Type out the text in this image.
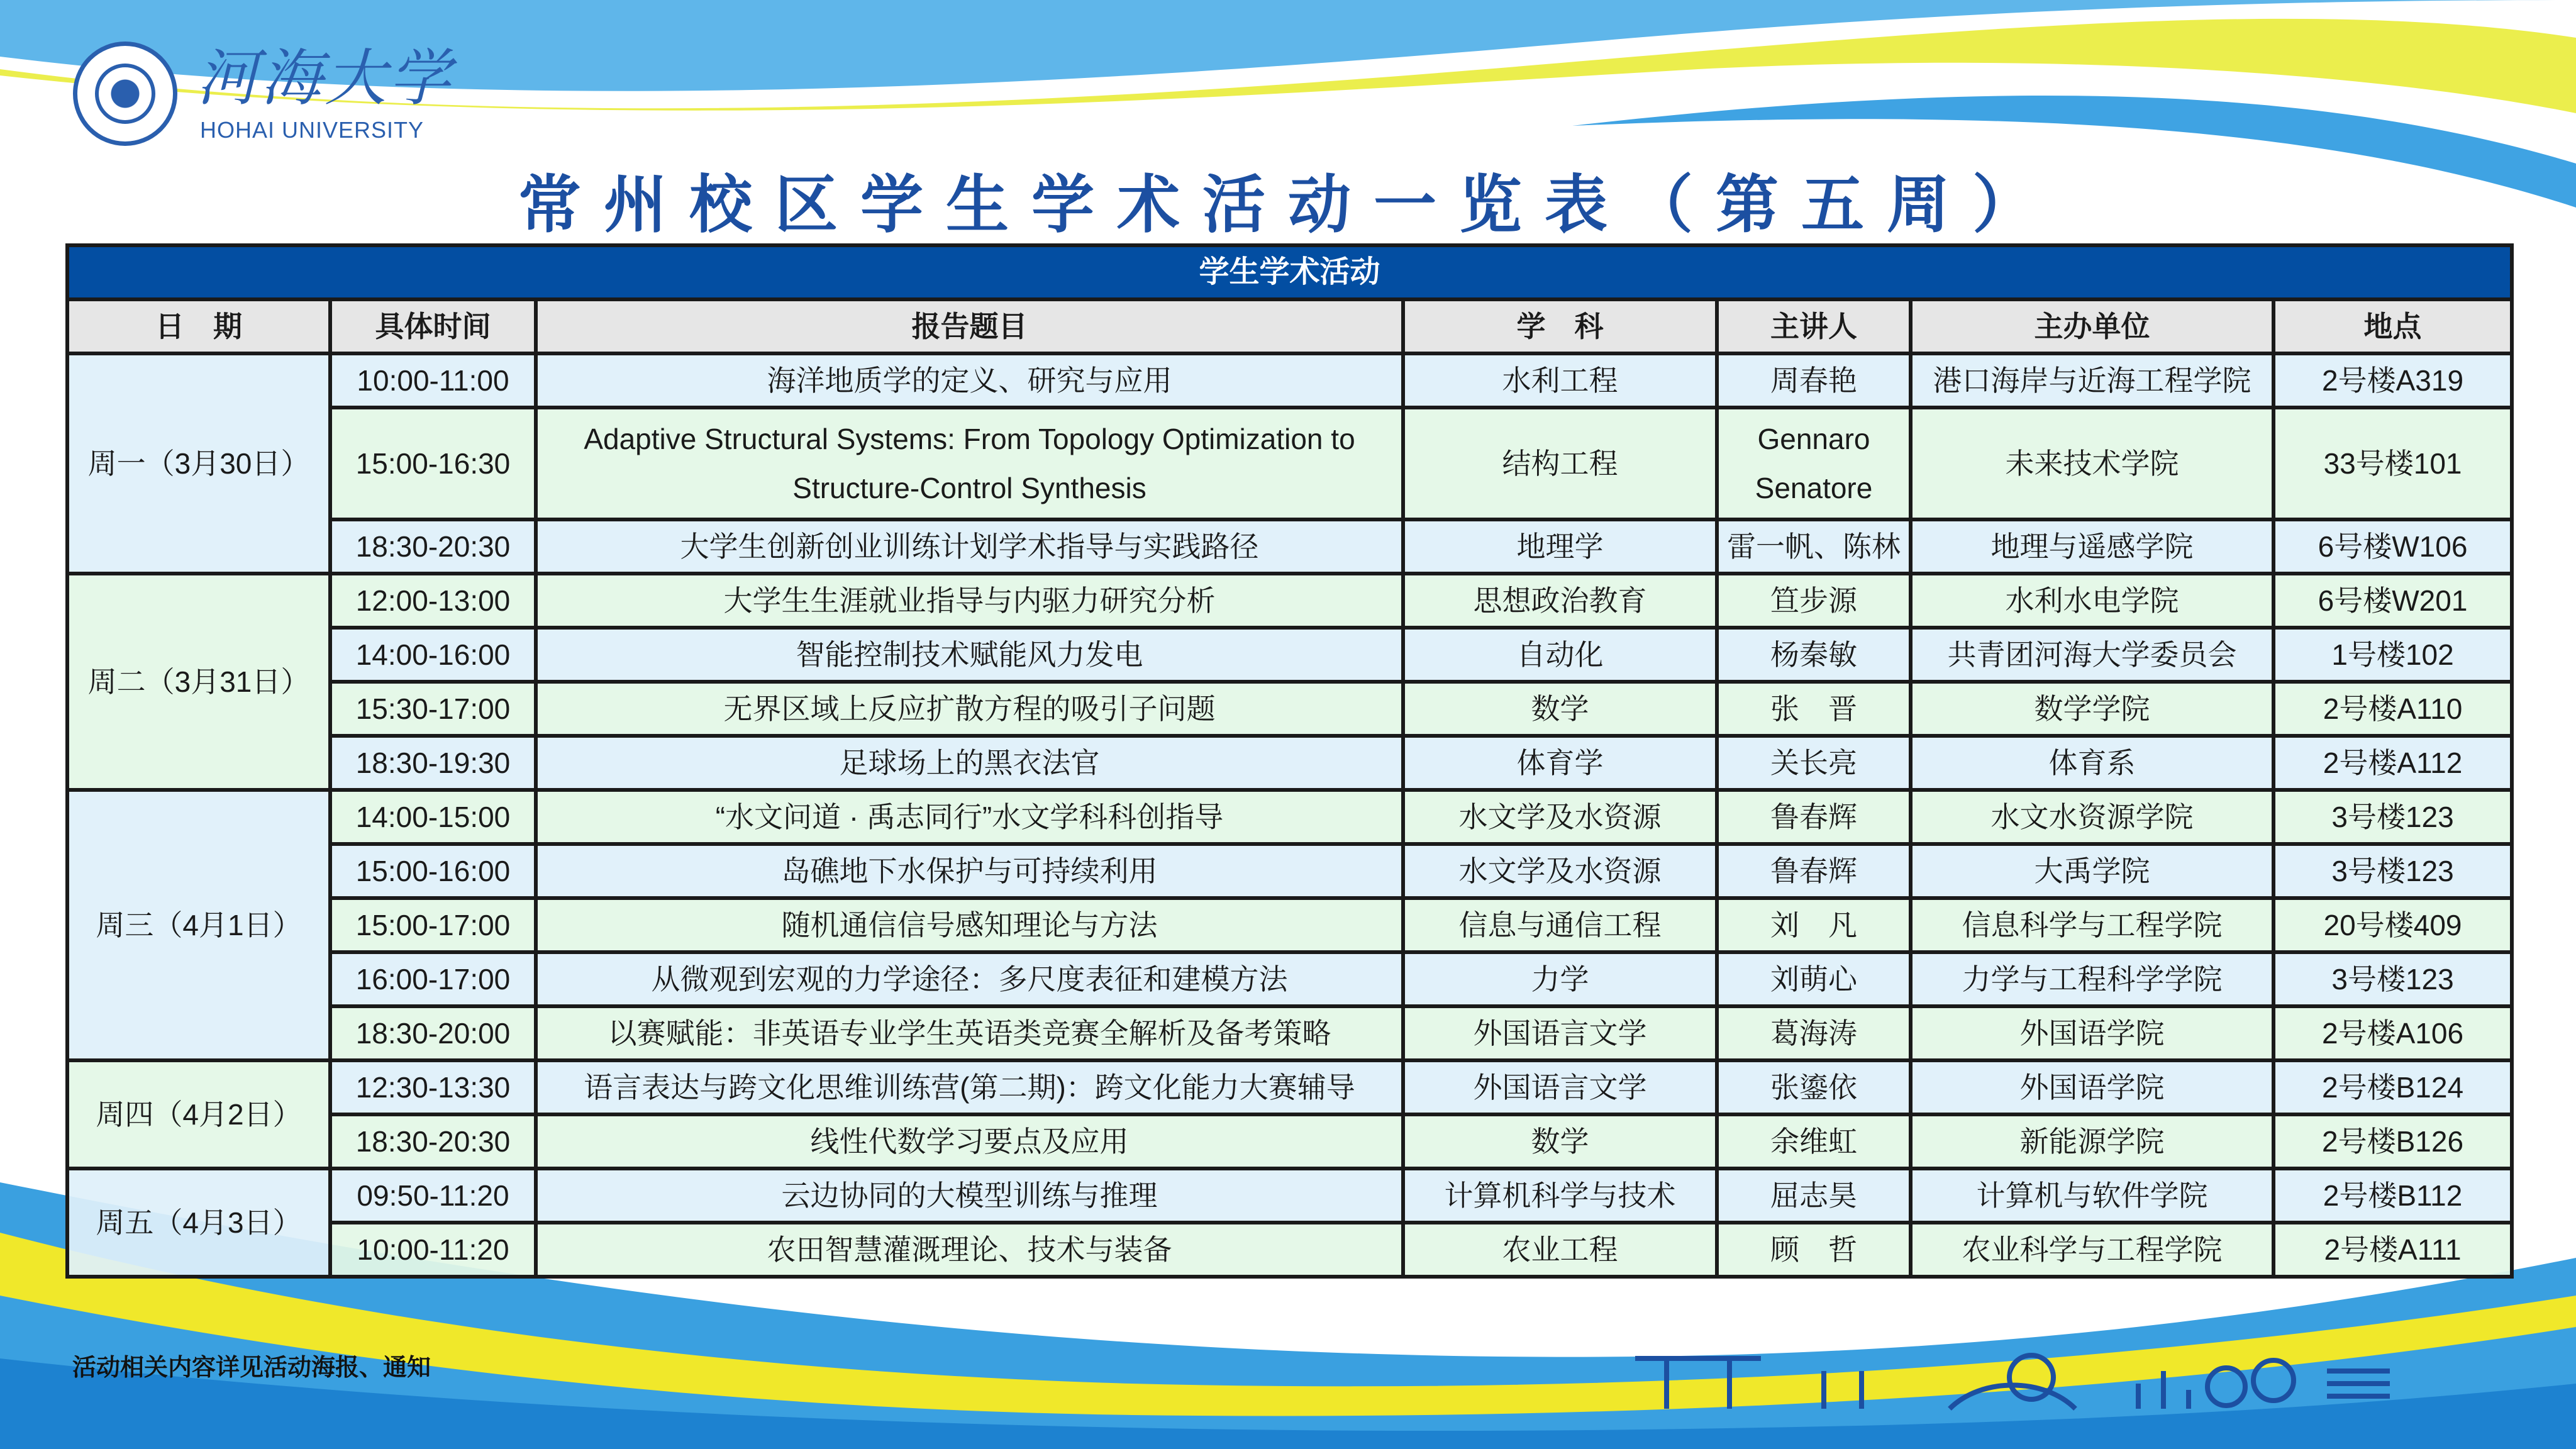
河海大学
HOHAI UNIVERSITY
常州校区学生学术活动一览表（第五周）
学生学术活动						
日　期	具体时间	报告题目	学　科	主讲人	主办单位	地点
周一（3月30日）	10:00-11:00	海洋地质学的定义、研究与应用	水利工程	周春艳	港口海岸与近海工程学院	2号楼A319
	15:00-16:30	Adaptive Structural Systems: From Topology Optimization to Structure-Control Synthesis	结构工程	Gennaro Senatore	未来技术学院	33号楼101
	18:30-20:30	大学生创新创业训练计划学术指导与实践路径	地理学	雷一帆、陈林	地理与遥感学院	6号楼W106
周二（3月31日）	12:00-13:00	大学生生涯就业指导与内驱力研究分析	思想政治教育	笪步源	水利水电学院	6号楼W201
	14:00-16:00	智能控制技术赋能风力发电	自动化	杨秦敏	共青团河海大学委员会	1号楼102
	15:30-17:00	无界区域上反应扩散方程的吸引子问题	数学	张　晋	数学学院	2号楼A110
	18:30-19:30	足球场上的黑衣法官	体育学	关长亮	体育系	2号楼A112
周三（4月1日）	14:00-15:00	“水文问道 · 禹志同行”水文学科科创指导	水文学及水资源	鲁春辉	水文水资源学院	3号楼123
	15:00-16:00	岛礁地下水保护与可持续利用	水文学及水资源	鲁春辉	大禹学院	3号楼123
	15:00-17:00	随机通信信号感知理论与方法	信息与通信工程	刘　凡	信息科学与工程学院	20号楼409
	16:00-17:00	从微观到宏观的力学途径：多尺度表征和建模方法	力学	刘萌心	力学与工程科学学院	3号楼123
	18:30-20:00	以赛赋能：非英语专业学生英语类竞赛全解析及备考策略	外国语言文学	葛海涛	外国语学院	2号楼A106
周四（4月2日）	12:30-13:30	语言表达与跨文化思维训练营(第二期)：跨文化能力大赛辅导	外国语言文学	张鎏依	外国语学院	2号楼B124
	18:30-20:30	线性代数学习要点及应用	数学	余维虹	新能源学院	2号楼B126
周五（4月3日）	09:50-11:20	云边协同的大模型训练与推理	计算机科学与技术	屈志昊	计算机与软件学院	2号楼B112
	10:00-11:20	农田智慧灌溉理论、技术与装备	农业工程	顾　哲	农业科学与工程学院	2号楼A111
活动相关内容详见活动海报、通知
